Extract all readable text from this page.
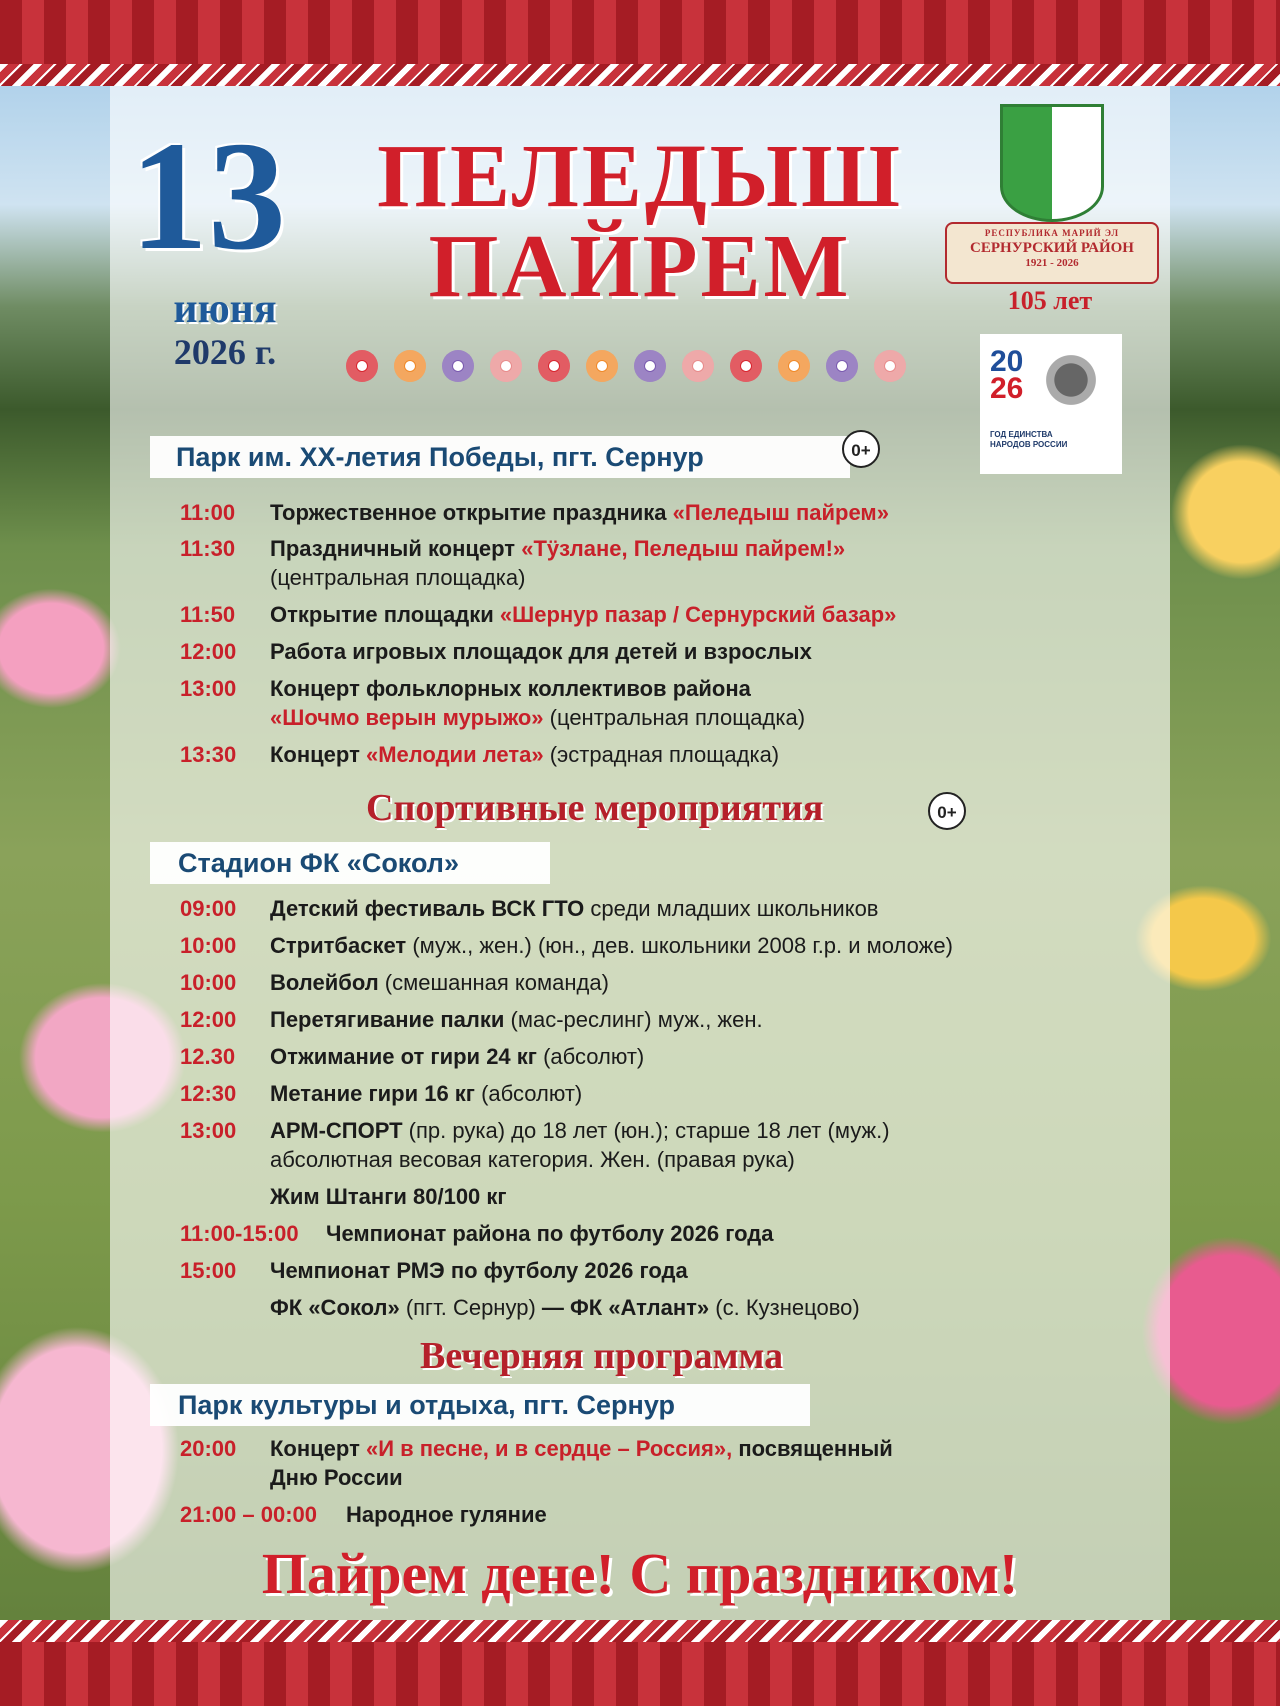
13
июня
2026 г.
ПЕЛЕДЫШ
ПАЙРЕМ	РЕСПУБЛИКА МАРИЙ ЭЛ
СЕРНУРСКИЙ РАЙОН
1921 - 2026
105 лет
20
26
ГОД ЕДИНСТВА
НАРОДОВ РОССИИ
Парк им. XX-летия Победы, пгт. Сернур	0+
11:00 Торжественное открытие праздника «Пеледыш пайрем»
11:30 Праздничный концерт «Тӱзлане, Пеледыш пайрем!»
(центральная площадка)
11:50 Открытие площадки «Шернур пазар / Сернурский базар»
12:00 Работа игровых площадок для детей и взрослых
13:00 Концерт фольклорных коллективов района
«Шочмо верын мурыжо» (центральная площадка)
13:30 Концерт «Мелодии лета» (эстрадная площадка)
Спортивные мероприятия	0+
Стадион ФК «Сокол»
09:00 Детский фестиваль ВСК ГТО среди младших школьников
10:00 Стритбаскет (муж., жен.) (юн., дев. школьники 2008 г.р. и моложе)
10:00 Волейбол (смешанная команда)
12:00 Перетягивание палки (мас-реслинг) муж., жен.
12.30 Отжимание от гири 24 кг (абсолют)
12:30 Метание гири 16 кг (абсолют)
13:00 АРМ-СПОРТ (пр. рука) до 18 лет (юн.); старше 18 лет (муж.)
абсолютная весовая категория. Жен. (правая рука)
Жим Штанги 80/100 кг
11:00-15:00 Чемпионат района по футболу 2026 года
15:00 Чемпионат РМЭ по футболу 2026 года
ФК «Сокол» (пгт. Сернур) — ФК «Атлант» (с. Кузнецово)
Вечерняя программа
Парк культуры и отдыха, пгт. Сернур
20:00 Концерт «И в песне, и в сердце – Россия», посвященный
Дню России
21:00 – 00:00 Народное гуляние
Пайрем дене! С праздником!
